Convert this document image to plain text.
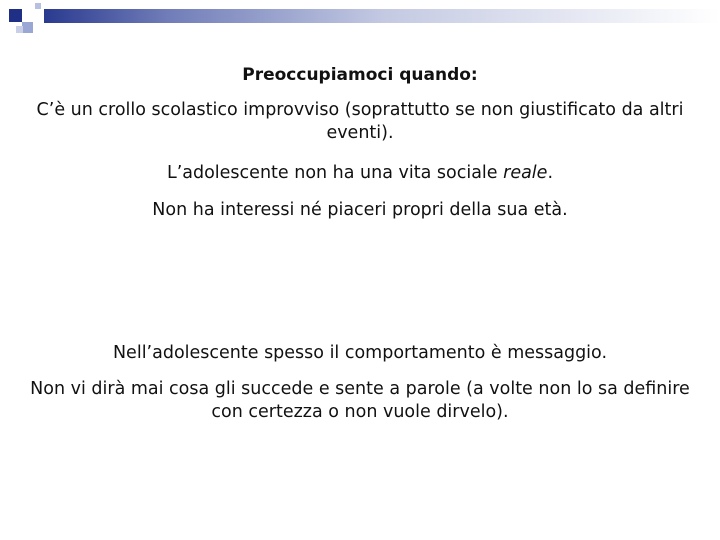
Preoccupiamoci quando:
C’è un crollo scolastico improvviso (soprattutto se non giustificato da altri eventi).
L’adolescente non ha una vita sociale reale.
Non ha interessi né piaceri propri della sua età.
Nell’adolescente spesso il comportamento è messaggio.
Non vi dirà mai cosa gli succede e sente a parole (a volte non lo sa definire con certezza o non vuole dirvelo).
